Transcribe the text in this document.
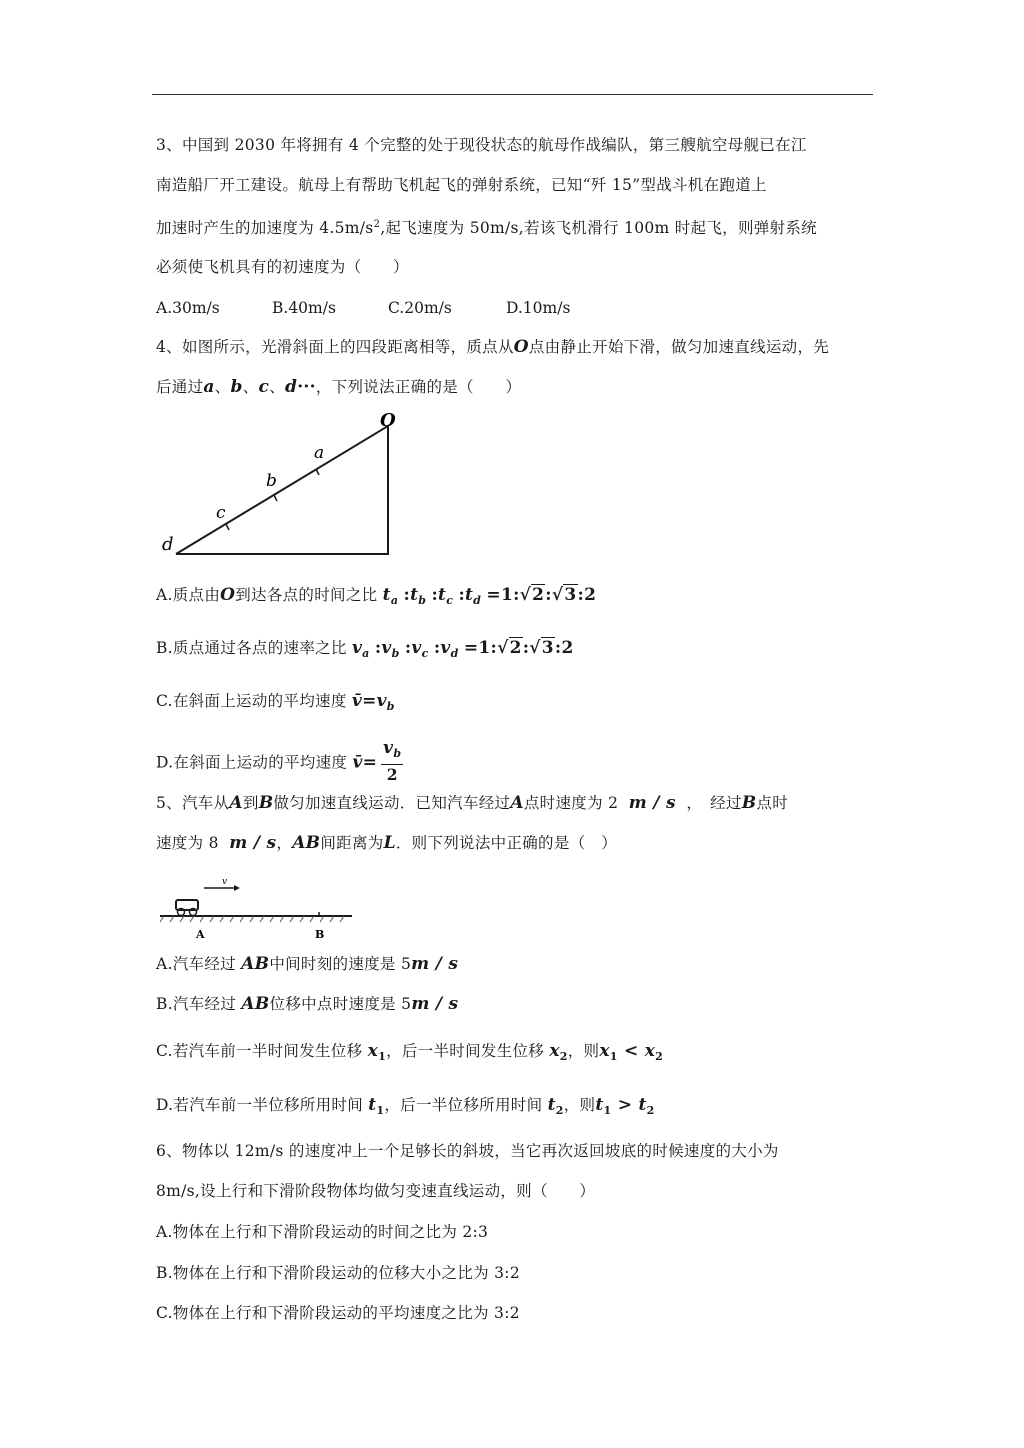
3、中国到 2030 年将拥有 4 个完整的处于现役状态的航母作战编队，第三艘航空母舰已在江
南造船厂开工建设。航母上有帮助飞机起飞的弹射系统，已知“歼 15”型战斗机在跑道上
加速时产生的加速度为 $4.5m/s^2$,起飞速度为 50m/s,若该飞机滑行 100m 时起飞，则弹射系统
必须使飞机具有的初速度为（　　）
A.30m/s	B.40m/s	C.20m/s	D.10m/s
4、如图所示，光滑斜面上的四段距离相等，质点从O点由静止开始下滑，做匀加速直线运动，先
后通过a、b、c、d···，下列说法正确的是（　　）
O
a
b
c
d
A.质点由O到达各点的时间之比 $t_a$ $:t_b$ $:t_c$ $:t_d$ =1:√2:√3:2
B.质点通过各点的速率之比 $v_a$ $:v_b$ $:v_c$ $:v_d$ =1:√2:√3:2
C.在斜面上运动的平均速度 $v̄=v_b$
D.在斜面上运动的平均速度 v̄= $\frac{v_b}{2}$
5、汽车从A到B做匀加速直线运动．已知汽车经过A点时速度为 2 m / s ，　经过B点时
速度为 8 m / s，AB间距离为L．则下列说法中正确的是（　）
v
A	B
A.汽车经过 AB中间时刻的速度是 5m / s
B.汽车经过 AB位移中点时速度是 5m / s
C.若汽车前一半时间发生位移 $x_1$，后一半时间发生位移 $x_2$，则$x_1 < x_2$
D.若汽车前一半位移所用时间 $t_1$，后一半位移所用时间 $t_2$，则$t_1 > t_2$
6、物体以 12m/s 的速度冲上一个足够长的斜坡，当它再次返回坡底的时候速度的大小为
8m/s,设上行和下滑阶段物体均做匀变速直线运动，则（　　）
A.物体在上行和下滑阶段运动的时间之比为 2:3
B.物体在上行和下滑阶段运动的位移大小之比为 3:2
C.物体在上行和下滑阶段运动的平均速度之比为 3:2
